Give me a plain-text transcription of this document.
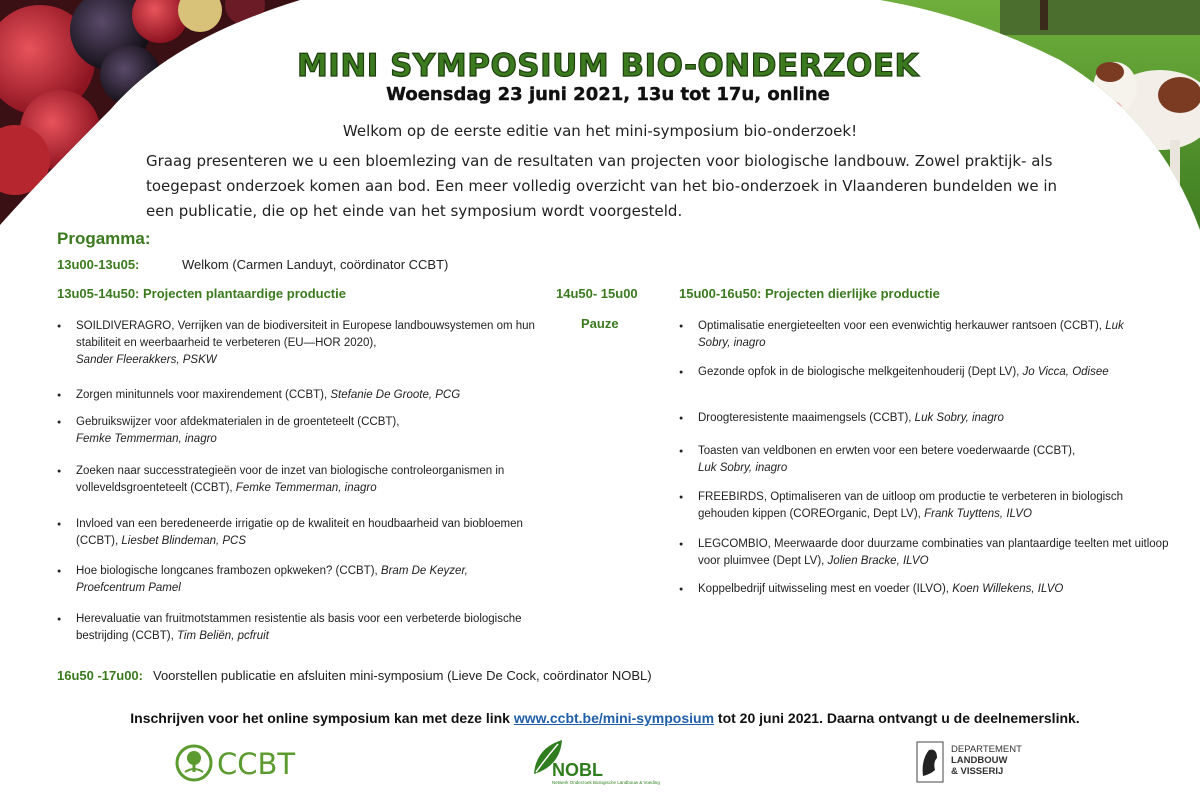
MINI SYMPOSIUM BIO-ONDERZOEK
Woensdag 23 juni 2021, 13u tot 17u, online
Welkom op de eerste editie van het mini-symposium bio-onderzoek!
Graag presenteren we u een bloemlezing van de resultaten van projecten voor biologische landbouw. Zowel praktijk- als toegepast onderzoek komen aan bod. Een meer volledig overzicht van het bio-onderzoek in Vlaanderen bundelden we in een publicatie, die op het einde van het symposium wordt voorgesteld.
Progamma:
13u00-13u05:	Welkom (Carmen Landuyt, coördinator CCBT)
13u05-14u50: Projecten plantaardige productie	14u50- 15u00
Pauze
15u00-16u50: Projecten dierlijke productie
● SOILDIVERAGRO, Verrijken van de biodiversiteit in Europese landbouwsystemen om hun stabiliteit en weerbaarheid te verbeteren (EU—HOR 2020),
Sander Fleerakkers, PSKW
● Zorgen minitunnels voor maxirendement (CCBT), Stefanie De Groote, PCG
● Gebruikswijzer voor afdekmaterialen in de groenteteelt (CCBT),
Femke Temmerman, inagro
● Zoeken naar successtrategieën voor de inzet van biologische controleorganismen in volleveldsgroenteteelt (CCBT), Femke Temmerman, inagro
● Invloed van een beredeneerde irrigatie op de kwaliteit en houdbaarheid van biobloemen (CCBT), Liesbet Blindeman, PCS
● Hoe biologische longcanes frambozen opkweken? (CCBT), Bram De Keyzer, Proefcentrum Pamel
● Herevaluatie van fruitmotstammen resistentie als basis voor een verbeterde biologische bestrijding (CCBT), Tim Beliën, pcfruit
● Optimalisatie energieteelten voor een evenwichtig herkauwer rantsoen (CCBT), Luk Sobry, inagro
● Gezonde opfok in de biologische melkgeitenhouderij (Dept LV), Jo Vicca, Odisee
● Droogteresistente maaimengsels (CCBT), Luk Sobry, inagro
● Toasten van veldbonen en erwten voor een betere voederwaarde (CCBT),
Luk Sobry, inagro
● FREEBIRDS, Optimaliseren van de uitloop om productie te verbeteren in biologisch gehouden kippen (COREOrganic, Dept LV), Frank Tuyttens, ILVO
● LEGCOMBIO, Meerwaarde door duurzame combinaties van plantaardige teelten met uitloop voor pluimvee (Dept LV), Jolien Bracke, ILVO
● Koppelbedrijf uitwisseling mest en voeder (ILVO), Koen Willekens, ILVO
16u50 -17u00: Voorstellen publicatie en afsluiten mini-symposium (Lieve De Cock, coördinator NOBL)
Inschrijven voor het online symposium kan met deze link www.ccbt.be/mini-symposium tot 20 juni 2021. Daarna ontvangt u de deelnemerslink.
CCBT	NOBL
Netwerk Onderzoek Biologische Landbouw & Voeding
DEPARTEMENT
LANDBOUW
& VISSERIJ
